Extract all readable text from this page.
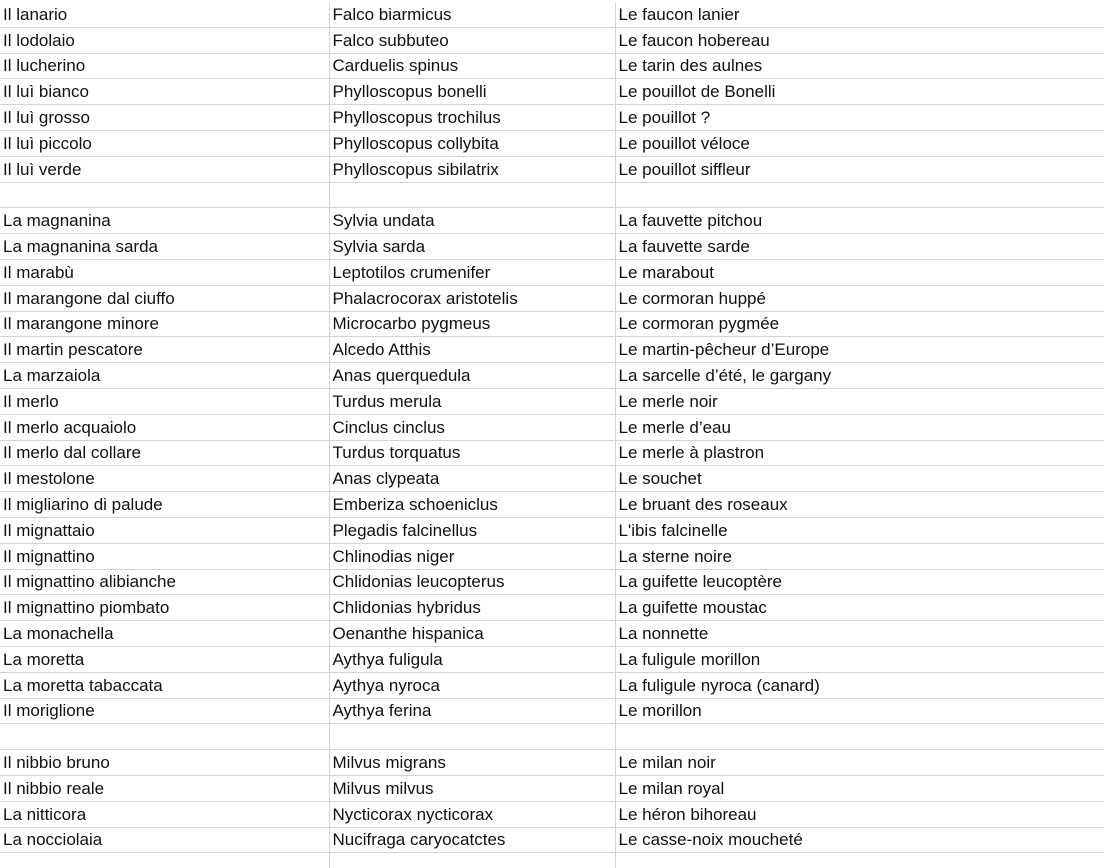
Il lanario	Falco biarmicus	Le faucon lanier
Il lodolaio	Falco subbuteo	Le faucon hobereau
Il lucherino	Carduelis spinus	Le tarin des aulnes
Il luì bianco	Phylloscopus bonelli	Le pouillot de Bonelli
Il luì grosso	Phylloscopus trochilus	Le pouillot ?
Il luì piccolo	Phylloscopus collybita	Le pouillot véloce
Il luì verde	Phylloscopus sibilatrix	Le pouillot siffleur

La magnanina	Sylvia undata	La fauvette pitchou
La magnanina sarda	Sylvia sarda	La fauvette sarde
Il marabù	Leptotilos crumenifer	Le marabout
Il marangone dal ciuffo	Phalacrocorax aristotelis	Le cormoran huppé
Il marangone minore	Microcarbo pygmeus	Le cormoran pygmée
Il martin pescatore	Alcedo Atthis	Le martin-pêcheur d’Europe
La marzaiola	Anas querquedula	La sarcelle d’été, le gargany
Il merlo	Turdus merula	Le merle noir
Il merlo acquaiolo	Cinclus cinclus	Le merle d’eau
Il merlo dal collare	Turdus torquatus	Le merle à plastron
Il mestolone	Anas clypeata	Le souchet
Il migliarino di palude	Emberiza schoeniclus	Le bruant des roseaux
Il mignattaio	Plegadis falcinellus	L'ibis falcinelle
Il mignattino	Chlinodias niger	La sterne noire
Il mignattino alibianche	Chlidonias leucopterus	La guifette leucoptère
Il mignattino piombato	Chlidonias hybridus	La guifette moustac
La monachella	Oenanthe hispanica	La nonnette
La moretta	Aythya fuligula	La fuligule morillon
La moretta tabaccata	Aythya nyroca	La fuligule nyroca (canard)
Il moriglione	Aythya ferina	Le morillon

Il nibbio bruno	Milvus migrans	Le milan noir
Il nibbio reale	Milvus milvus	Le milan royal
La nitticora	Nycticorax nycticorax	Le héron bihoreau
La nocciolaia	Nucifraga caryocatctes	Le casse-noix moucheté
